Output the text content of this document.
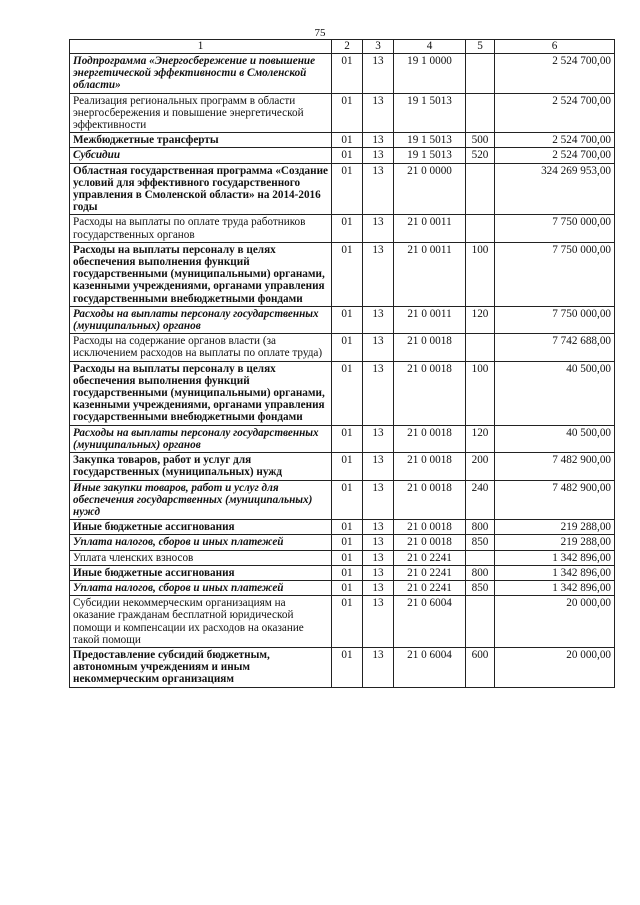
75
1	2	3	4	5	6
Подпрограмма «Энергосбережение и повышение энергетической эффективности в Смоленской области»	01	13	19 1 0000		2 524 700,00
Реализация региональных программ в области энергосбережения и повышение энергетической эффективности	01	13	19 1 5013		2 524 700,00
Межбюджетные трансферты	01	13	19 1 5013	500	2 524 700,00
Субсидии	01	13	19 1 5013	520	2 524 700,00
Областная государственная программа «Создание условий для эффективного государственного управления в Смоленской области» на 2014-2016 годы	01	13	21 0 0000		324 269 953,00
Расходы на выплаты по оплате труда работников государственных органов	01	13	21 0 0011		7 750 000,00
Расходы на выплаты персоналу в целях обеспечения выполнения функций государственными (муниципальными) органами, казенными учреждениями, органами управления государственными внебюджетными фондами	01	13	21 0 0011	100	7 750 000,00
Расходы на выплаты персоналу государственных (муниципальных) органов	01	13	21 0 0011	120	7 750 000,00
Расходы на содержание органов власти (за исключением расходов на выплаты по оплате труда)	01	13	21 0 0018		7 742 688,00
Расходы на выплаты персоналу в целях обеспечения выполнения функций государственными (муниципальными) органами, казенными учреждениями, органами управления государственными внебюджетными фондами	01	13	21 0 0018	100	40 500,00
Расходы на выплаты персоналу государственных (муниципальных) органов	01	13	21 0 0018	120	40 500,00
Закупка товаров, работ и услуг для государственных (муниципальных) нужд	01	13	21 0 0018	200	7 482 900,00
Иные закупки товаров, работ и услуг для обеспечения государственных (муниципальных) нужд	01	13	21 0 0018	240	7 482 900,00
Иные бюджетные ассигнования	01	13	21 0 0018	800	219 288,00
Уплата налогов, сборов и иных платежей	01	13	21 0 0018	850	219 288,00
Уплата членских взносов	01	13	21 0 2241		1 342 896,00
Иные бюджетные ассигнования	01	13	21 0 2241	800	1 342 896,00
Уплата налогов, сборов и иных платежей	01	13	21 0 2241	850	1 342 896,00
Субсидии некоммерческим организациям на оказание гражданам бесплатной юридической помощи и компенсации их расходов на оказание такой помощи	01	13	21 0 6004		20 000,00
Предоставление субсидий бюджетным, автономным учреждениям и иным некоммерческим организациям	01	13	21 0 6004	600	20 000,00
